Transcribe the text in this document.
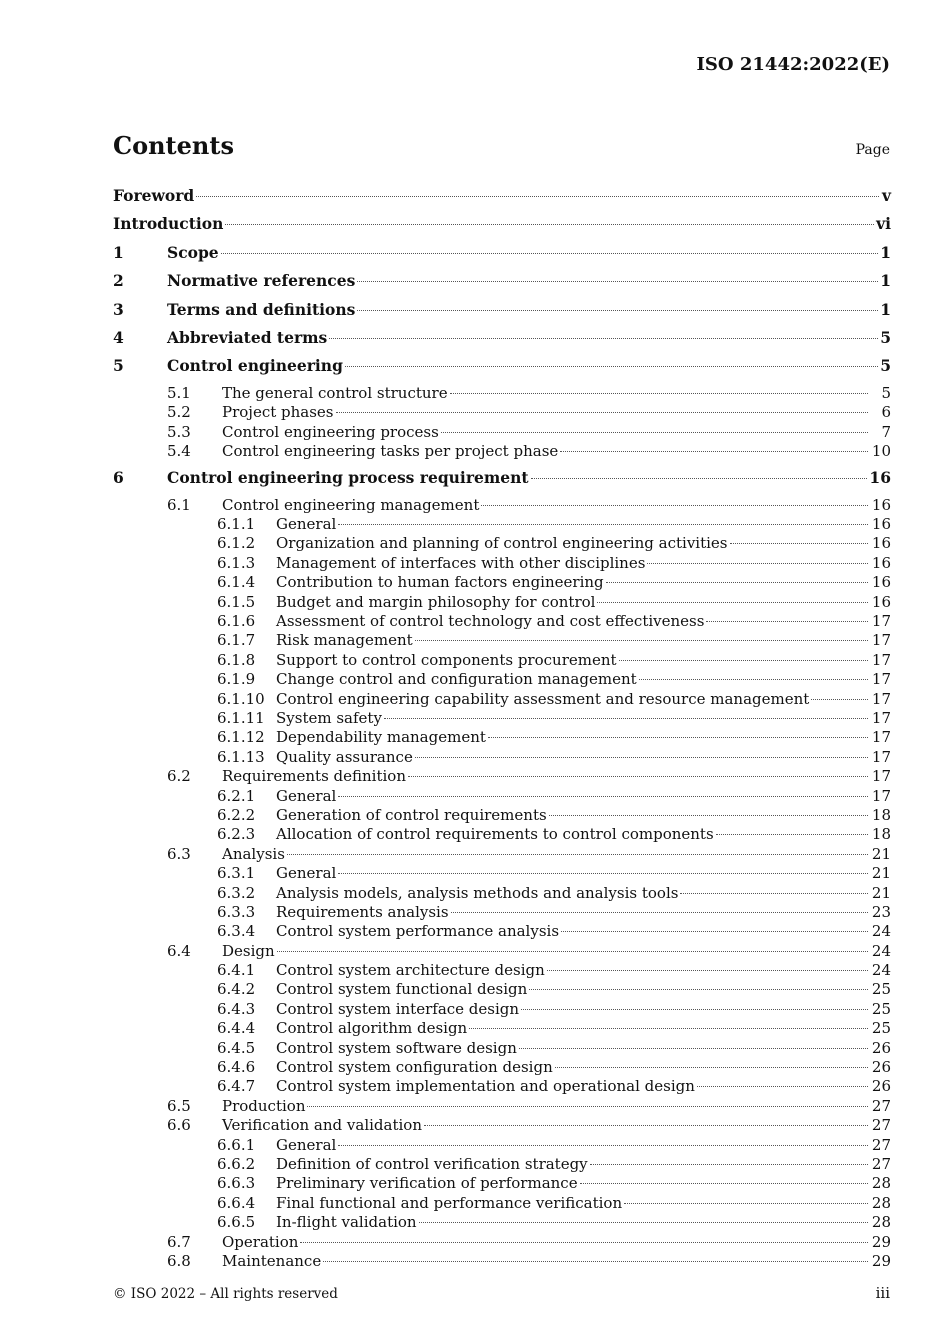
ISO 21442:2022(E)
Contents	Page
Foreword	v
Introduction	vi
1	Scope	1
2	Normative references	1
3	Terms and definitions	1
4	Abbreviated terms	5
5	Control engineering	5
5.1 The general control structure	5
5.2 Project phases	6
5.3 Control engineering process	7
5.4 Control engineering tasks per project phase	10
6	Control engineering process requirement	16
6.1 Control engineering management	16
6.1.1 General	16
6.1.2 Organization and planning of control engineering activities	16
6.1.3 Management of interfaces with other disciplines	16
6.1.4 Contribution to human factors engineering	16
6.1.5 Budget and margin philosophy for control	16
6.1.6 Assessment of control technology and cost effectiveness	17
6.1.7 Risk management	17
6.1.8 Support to control components procurement	17
6.1.9 Change control and configuration management	17
6.1.10 Control engineering capability assessment and resource management	17
6.1.11 System safety	17
6.1.12 Dependability management	17
6.1.13 Quality assurance	17
6.2 Requirements definition	17
6.2.1 General	17
6.2.2 Generation of control requirements	18
6.2.3 Allocation of control requirements to control components	18
6.3 Analysis	21
6.3.1 General	21
6.3.2 Analysis models, analysis methods and analysis tools	21
6.3.3 Requirements analysis	23
6.3.4 Control system performance analysis	24
6.4 Design	24
6.4.1 Control system architecture design	24
6.4.2 Control system functional design	25
6.4.3 Control system interface design	25
6.4.4 Control algorithm design	25
6.4.5 Control system software design	26
6.4.6 Control system configuration design	26
6.4.7 Control system implementation and operational design	26
6.5 Production	27
6.6 Verification and validation	27
6.6.1 General	27
6.6.2 Definition of control verification strategy	27
6.6.3 Preliminary verification of performance	28
6.6.4 Final functional and performance verification	28
6.6.5 In-flight validation	28
6.7 Operation	29
6.8 Maintenance	29
© ISO 2022 – All rights reserved	iii
